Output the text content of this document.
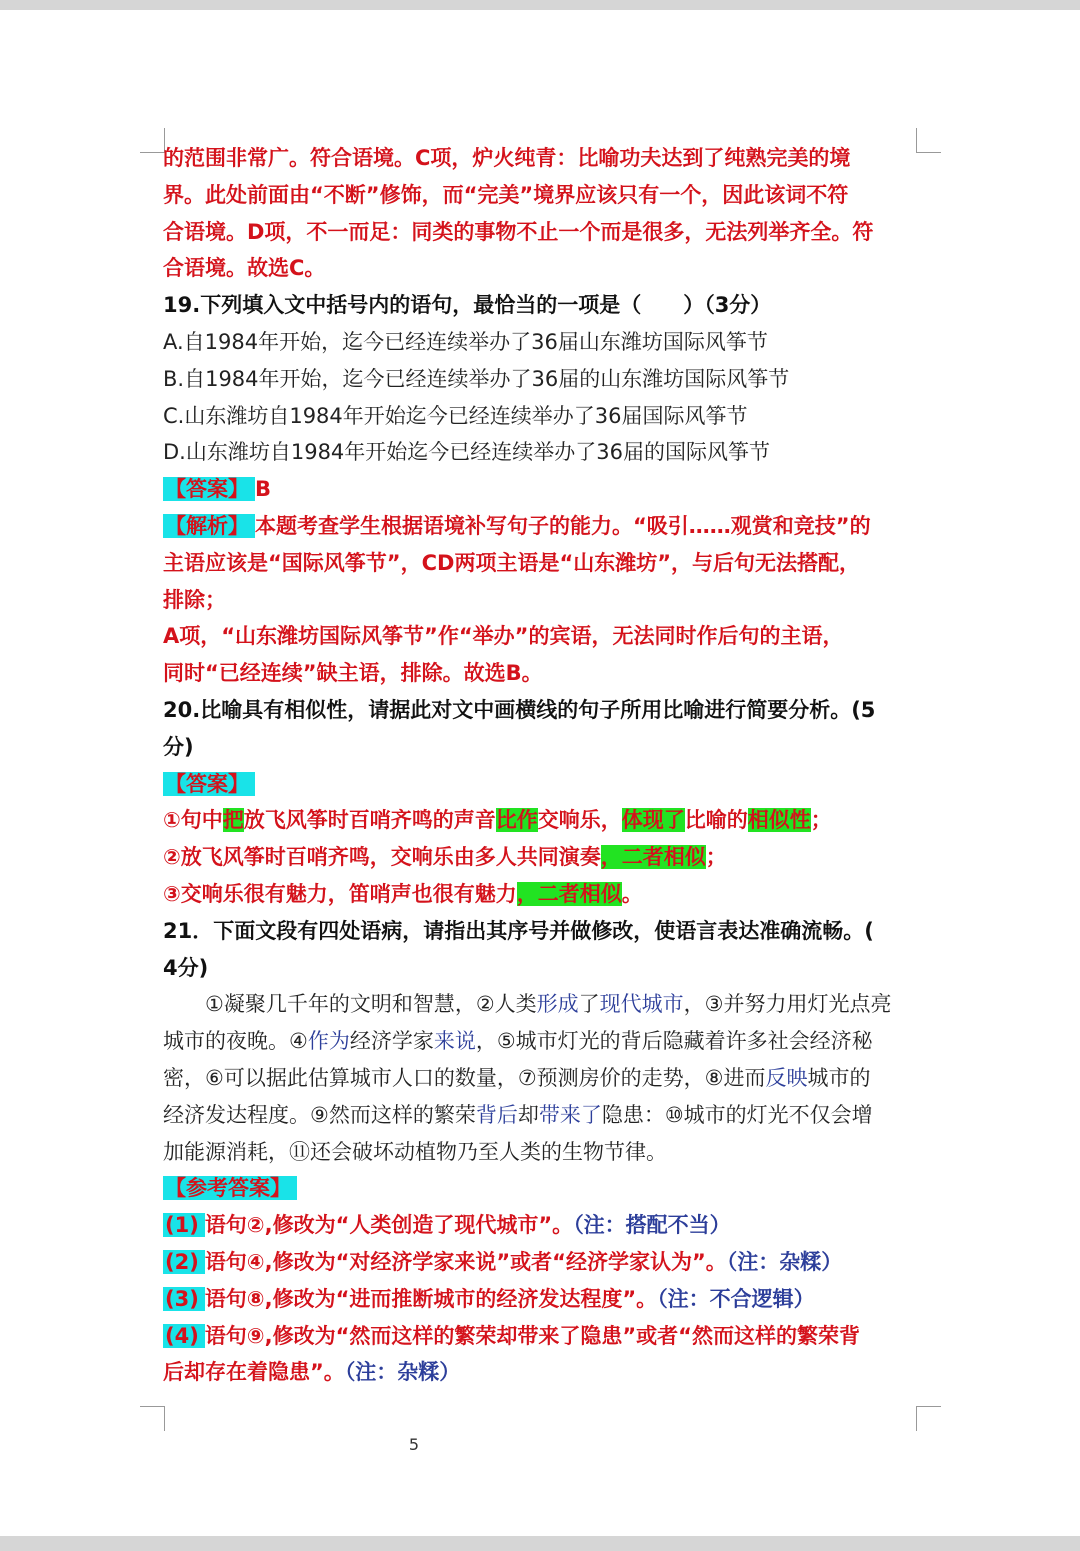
的范围非常广。符合语境。C项，炉火纯青：比喻功夫达到了纯熟完美的境

界。此处前面由“不断”修饰，而“完美”境界应该只有一个，因此该词不符

合语境。D项，不一而足：同类的事物不止一个而是很多，无法列举齐全。符

合语境。故选C。

19.下列填入文中括号内的语句，最恰当的一项是（　　）（3分）

A.自1984年开始，迄今已经连续举办了36届山东潍坊国际风筝节

B.自1984年开始，迄今已经连续举办了36届的山东潍坊国际风筝节

C.山东潍坊自1984年开始迄今已经连续举办了36届国际风筝节

D.山东潍坊自1984年开始迄今已经连续举办了36届的国际风筝节

【答案】 B

【解析】 本题考查学生根据语境补写句子的能力。“吸引……观赏和竞技”的

主语应该是“国际风筝节”，CD两项主语是“山东潍坊”，与后句无法搭配，

排除；

A项，“山东潍坊国际风筝节”作“举办”的宾语，无法同时作后句的主语，

同时“已经连续”缺主语，排除。故选B。

20.比喻具有相似性，请据此对文中画横线的句子所用比喻进行简要分析。(5

分)

【答案】

①句中把放飞风筝时百哨齐鸣的声音比作交响乐，体现了比喻的相似性；

②放飞风筝时百哨齐鸣，交响乐由多人共同演奏，二者相似；

③交响乐很有魅力，笛哨声也很有魅力，二者相似。

21．下面文段有四处语病，请指出其序号并做修改，使语言表达准确流畅。(

4分)

①凝聚几千年的文明和智慧，②人类形成了现代城市，③并努力用灯光点亮

城市的夜晚。④作为经济学家来说，⑤城市灯光的背后隐藏着许多社会经济秘

密，⑥可以据此估算城市人口的数量，⑦预测房价的走势，⑧进而反映城市的

经济发达程度。⑨然而这样的繁荣背后却带来了隐患：⑩城市的灯光不仅会增

加能源消耗，⑪还会破坏动植物乃至人类的生物节律。

【参考答案】

(1) 语句②,修改为“人类创造了现代城市”。（注：搭配不当）

(2) 语句④,修改为“对经济学家来说”或者“经济学家认为”。（注：杂糅）

(3) 语句⑧,修改为“进而推断城市的经济发达程度”。（注：不合逻辑）

(4) 语句⑨,修改为“然而这样的繁荣却带来了隐患”或者“然而这样的繁荣背

后却存在着隐患”。（注：杂糅）

5
